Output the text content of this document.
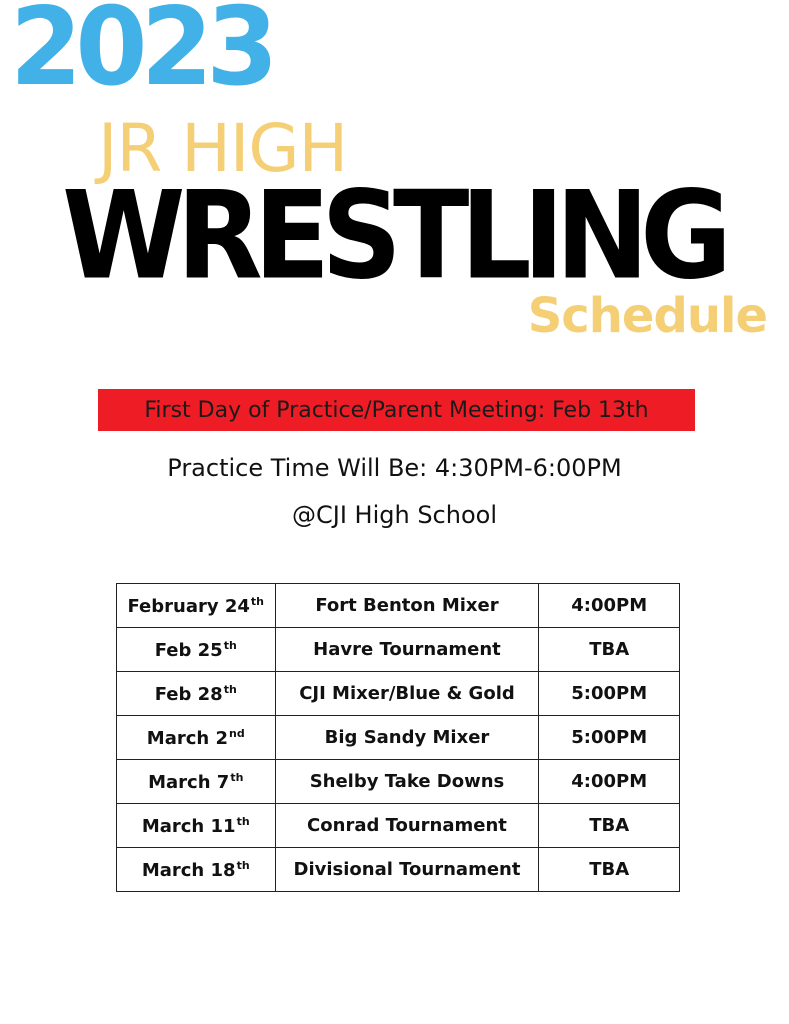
2023
JR HIGH
WRESTLING
Schedule
First Day of Practice/Parent Meeting: Feb 13th
Practice Time Will Be: 4:30PM-6:00PM
@CJI High School
February 24th	Fort Benton Mixer	4:00PM
Feb 25th	Havre Tournament	TBA
Feb 28th	CJI Mixer/Blue & Gold	5:00PM
March 2nd	Big Sandy Mixer	5:00PM
March 7th	Shelby Take Downs	4:00PM
March 11th	Conrad Tournament	TBA
March 18th	Divisional Tournament	TBA
